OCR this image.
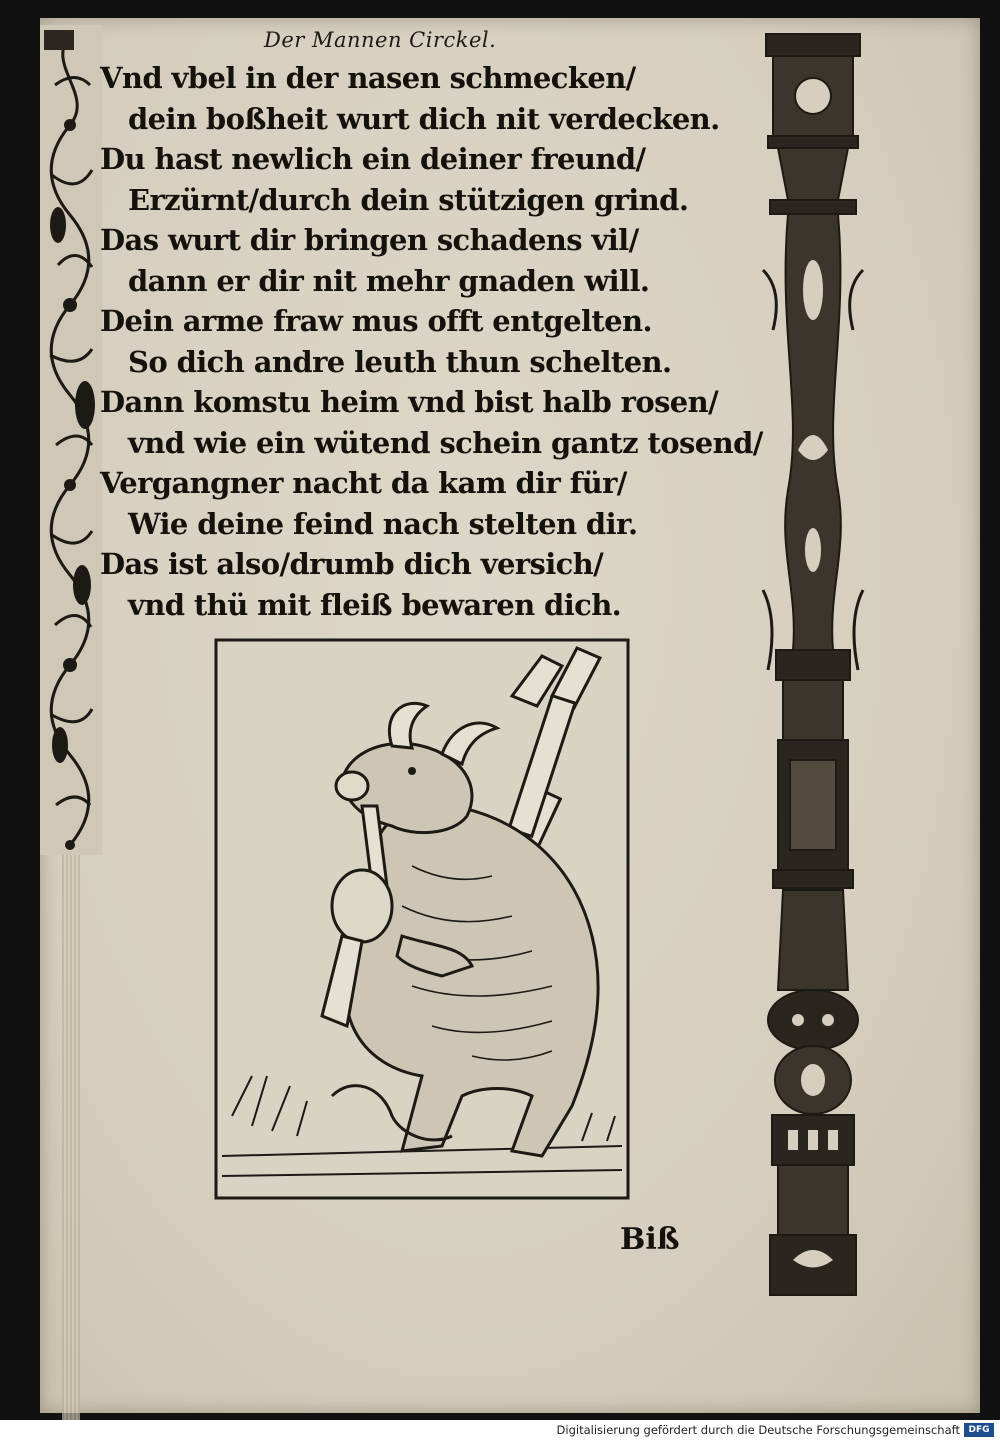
Der Mannen Circkel.
Vnd vbel in der nasen schmecken/
dein boßheit wurt dich nit verdecken.
Du hast newlich ein deiner freund/
Erzürnt/durch dein stützigen grind.
Das wurt dir bringen schadens vil/
dann er dir nit mehr gnaden will.
Dein arme fraw mus offt entgelten.
So dich andre leuth thun schelten.
Dann komstu heim vnd bist halb rosen/
vnd wie ein wütend schein gantz tosend/
Vergangner nacht da kam dir für/
Wie deine feind nach stelten dir.
Das ist also/drumb dich versich/
vnd thü mit fleiß bewaren dich.
Biß
Digitalisierung gefördert durch die Deutsche Forschungsgemeinschaft DFG
